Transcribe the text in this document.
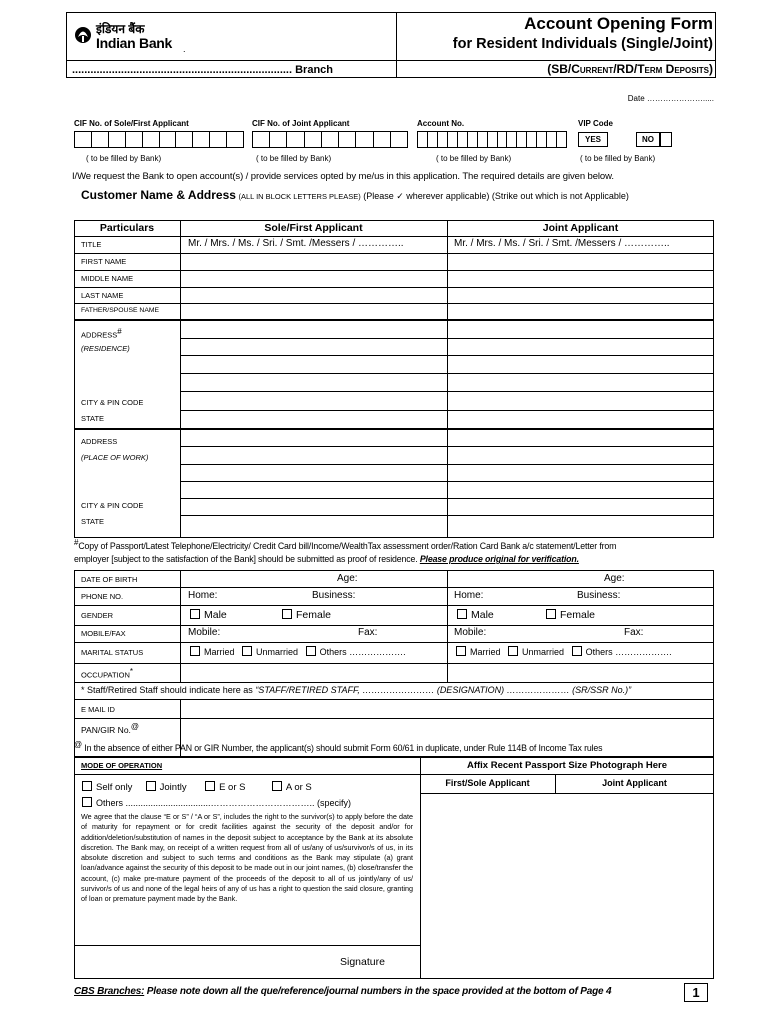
इंडियन बैंक
Indian Bank .
........................................................................ Branch
Account Opening Form
for Resident Individuals (Single/Joint)
(SB/Current/RD/Term Deposits)
Date ………………….....
CIF No. of Sole/First Applicant	CIF No. of Joint Applicant	Account No.	VIP Code
YES	NO
( to be filled by Bank)	( to be filled by Bank)	( to be filled by Bank)	( to be filled by Bank)
I/We request the Bank to open account(s) / provide services opted by me/us in this application. The required details are given below.
Customer Name & Address (ALL IN BLOCK LETTERS PLEASE) (Please ✓ wherever applicable) (Strike out which is not Applicable)
Particulars	Sole/First Applicant	Joint Applicant
TITLE	Mr. / Mrs. / Ms. / Sri. / Smt. /Messers / …………..	Mr. / Mrs. / Ms. / Sri. / Smt. /Messers / …………..
FIRST NAME
MIDDLE NAME
LAST NAME
FATHER/SPOUSE NAME
ADDRESS#
(RESIDENCE)
CITY & PIN CODE
STATE
ADDRESS
(PLACE OF WORK)
CITY & PIN CODE
STATE
#Copy of Passport/Latest Telephone/Electricity/ Credit Card bill/Income/WealthTax assessment order/Ration Card Bank a/c statement/Letter from
employer [subject to the satisfaction of the Bank] should be submitted as proof of residence. Please produce original for verification.
DATE OF BIRTH	Age:	Age:
PHONE NO.	Home:	Business:	Home:	Business:
GENDER	Male	Female	Male	Female
MOBILE/FAX	Mobile:	Fax:	Mobile:	Fax:
MARITAL STATUS	Married Unmarried Others ……………….	Married Unmarried Others ……………….
OCCUPATION*
* Staff/Retired Staff should indicate here as “STAFF/RETIRED STAFF, …………………… (DESIGNATION) ………………… (SR/SSR No.)”
E MAIL ID
PAN/GIR No.@
@ In the absence of either PAN or GIR Number, the applicant(s) should submit Form 60/61 in duplicate, under Rule 114B of Income Tax rules
MODE OF OPERATION
Self only	Jointly	E or S	A or S
Others ..................................…………………………….. (specify)
We agree that the clause “E or S” / “A or S”, includes the right to the survivor(s) to apply before the date of maturity for repayment or for credit facilities against the security of the deposit and/or for addition/deletion/substitution of names in the deposit subject to acceptance by the Bank at its absolute discretion. The Bank may, on receipt of a written request from all of us/any of us/survivor/s of us, in its absolute discretion and subject to such terms and conditions as the Bank may stipulate (a) grant loan/advance against the security of this deposit to be made out in our joint names, (b) close/transfer the account, (c) make pre-mature payment of the proceeds of the deposit to all of us jointly/any of us/ survivor/s of us and none of the legal heirs of any of us has a right to question the said closure, granting of loan or premature payment made by the Bank.
Signature
Affix Recent Passport Size Photograph Here
First/Sole Applicant	Joint Applicant
CBS Branches: Please note down all the que/reference/journal numbers in the space provided at the bottom of Page 4	1
